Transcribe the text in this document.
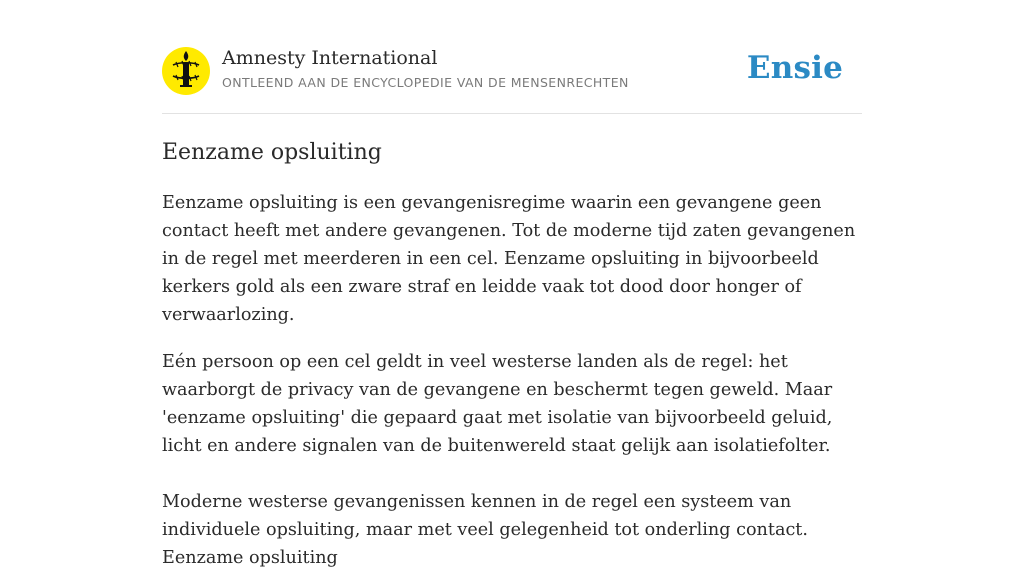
Amnesty International
ONTLEEND AAN DE ENCYCLOPEDIE VAN DE MENSENRECHTEN	Ensie
Eenzame opsluiting

Eenzame opsluiting is een gevangenisregime waarin een gevangene geen contact heeft met andere gevangenen. Tot de moderne tijd zaten gevangenen in de regel met meerderen in een cel. Eenzame opsluiting in bijvoorbeeld kerkers gold als een zware straf en leidde vaak tot dood door honger of verwaarlozing.

Eén persoon op een cel geldt in veel westerse landen als de regel: het waarborgt de privacy van de gevangene en beschermt tegen geweld. Maar 'eenzame opsluiting' die gepaard gaat met isolatie van bijvoorbeeld geluid, licht en andere signalen van de buitenwereld staat gelijk aan isolatiefolter.

Moderne westerse gevangenissen kennen in de regel een systeem van individuele opsluiting, maar met veel gelegenheid tot onderling contact. Eenzame opsluiting
